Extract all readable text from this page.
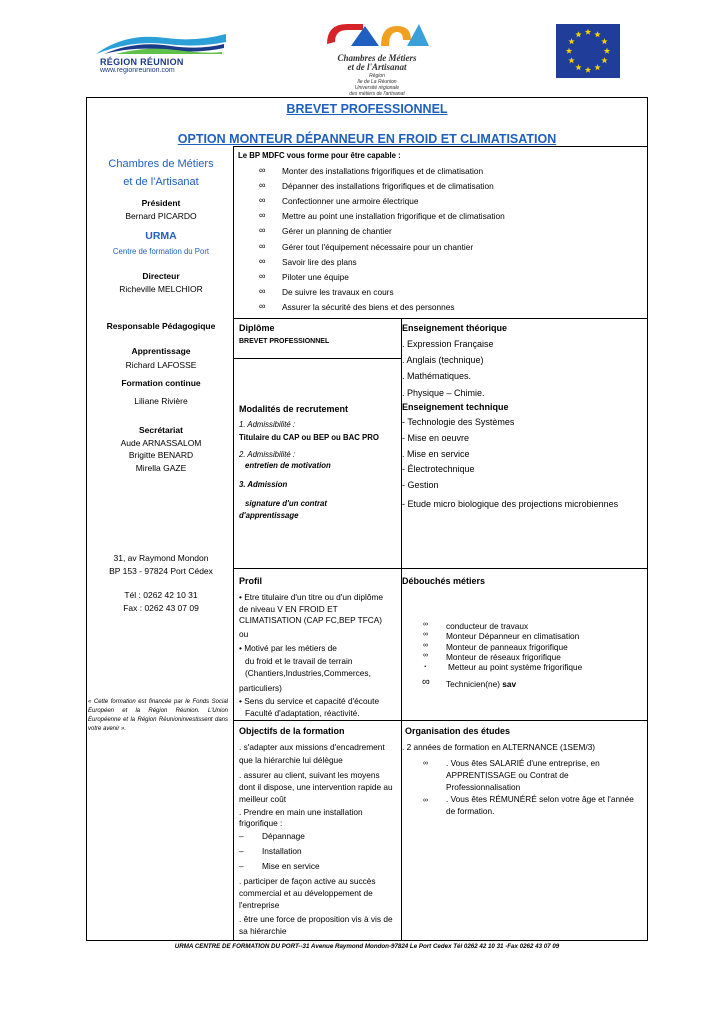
RÉGION RÉUNION
www.regionreunion.com
Chambres de Métiers
et de l'Artisanat
Région
Ile de La Réunion
Université régionale
des métiers de l'artisanat
BREVET PROFESSIONNEL
OPTION MONTEUR DÉPANNEUR EN FROID ET CLIMATISATION
Chambres de Métiers
et de l'Artisanat
Président
Bernard PICARDO
URMA
Centre de formation du Port
Directeur
Richeville MELCHIOR
Responsable Pédagogique
Apprentissage
Richard LAFOSSE
Formation continue
Liliane Rivière
Secrétariat
Aude ARNASSALOM
Brigitte BENARD
Mirella GAZE
31, av Raymond Mondon
BP 153 - 97824 Port Cédex
Tél : 0262 42 10 31
Fax : 0262 43 07 09
« Cette formation est financée par le Fonds Social Européen et la Région Réunion. L'Union Européenne et la Région Réunioninvestissent dans votre avenir ».
Le BP MDFC vous forme pour être capable :
∞ Monter des installations frigorifiques et de climatisation
∞ Dépanner des installations frigorifiques et de climatisation
∞ Confectionner une armoire électrique
∞ Mettre au point une installation frigorifique et de climatisation
∞ Gérer un planning de chantier
∞ Gérer tout l'équipement nécessaire pour un chantier
∞ Savoir lire des plans
∞ Piloter une équipe
∞ De suivre les travaux en cours
∞ Assurer la sécurité des biens et des personnes
Diplôme
BREVET PROFESSIONNEL
Modalités de recrutement
1. Admissibilité :
Titulaire du CAP ou BEP ou BAC PRO
2. Admissibilité :
entretien de motivation
3. Admission
signature d'un contrat
d'apprentissage
Enseignement théorique
. Expression Française
. Anglais (technique)
. Mathématiques.
. Physique – Chimie.
Enseignement technique
- Technologie des Systèmes
- Mise en oeuvre
. Mise en service
- Électrotechnique
- Gestion
- Etude micro biologique des projections microbiennes
Profil
• Etre titulaire d'un titre ou d'un diplôme
de niveau V EN FROID ET
CLIMATISATION (CAP FC,BEP TFCA)
ou
• Motivé par les métiers de
du froid et le travail de terrain
(Chantiers,Industries,Commerces,
particuliers)
• Sens du service et capacité d'écoute
Faculté d'adaptation, réactivité.
Débouchés métiers
∞ conducteur de travaux
∞ Monteur Dépanneur en climatisation
∞ Monteur de panneaux frigorifique
∞ Monteur de réseaux frigorifique
.	Metteur au point système frigorifique
∞ Technicien(ne) sav
Objectifs de la formation
. s'adapter aux missions d'encadrement
que la hiérarchie lui délègue
. assurer au client, suivant les moyens
dont il dispose, une intervention rapide au
meilleur coût
. Prendre en main une installation
frigorifique :
– Dépannage
– Installation
– Mise en service
. participer de façon active au succès
commercial et au développement de
l'entreprise
. être une force de proposition vis à vis de
sa hiérarchie
Organisation des études
. 2 années de formation en ALTERNANCE (1SEM/3)
∞ . Vous êtes SALARIÉ d'une entreprise, en
APPRENTISSAGE ou Contrat de
Professionnalisation
∞ . Vous êtes RÉMUNÉRÉ selon votre âge et l'année
de formation.
URMA CENTRE DE FORMATION DU PORT--31 Avenue Raymond Mondon-97824 Le Port Cedex Tél 0262 42 10 31 -Fax 0262 43 07 09
